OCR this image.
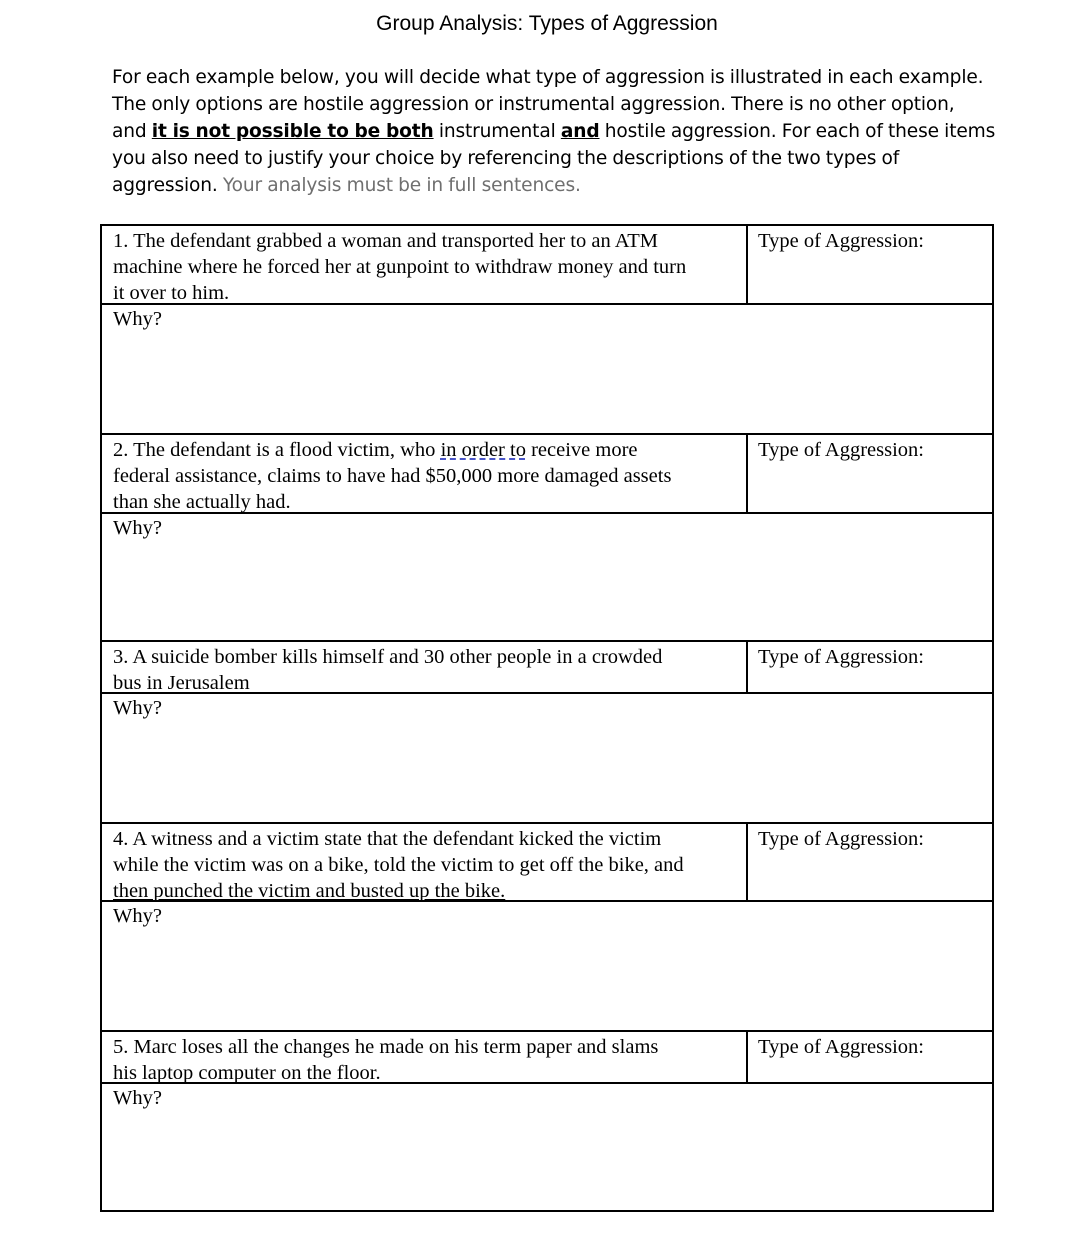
Group Analysis: Types of Aggression
For each example below, you will decide what type of aggression is illustrated in each example.
The only options are hostile aggression or instrumental aggression. There is no other option,
and it is not possible to be both instrumental and hostile aggression. For each of these items
you also need to justify your choice by referencing the descriptions of the two types of
aggression. Your analysis must be in full sentences.
1. The defendant grabbed a woman and transported her to an ATM
machine where he forced her at gunpoint to withdraw money and turn
it over to him.
Type of Aggression:
Why?
2. The defendant is a flood victim, who in order to receive more
federal assistance, claims to have had $50,000 more damaged assets
than she actually had.
Type of Aggression:
Why?
3. A suicide bomber kills himself and 30 other people in a crowded
bus in Jerusalem
Type of Aggression:
Why?
4. A witness and a victim state that the defendant kicked the victim
while the victim was on a bike, told the victim to get off the bike, and
then punched the victim and busted up the bike.
Type of Aggression:
Why?
5. Marc loses all the changes he made on his term paper and slams
his laptop computer on the floor.
Type of Aggression:
Why?
